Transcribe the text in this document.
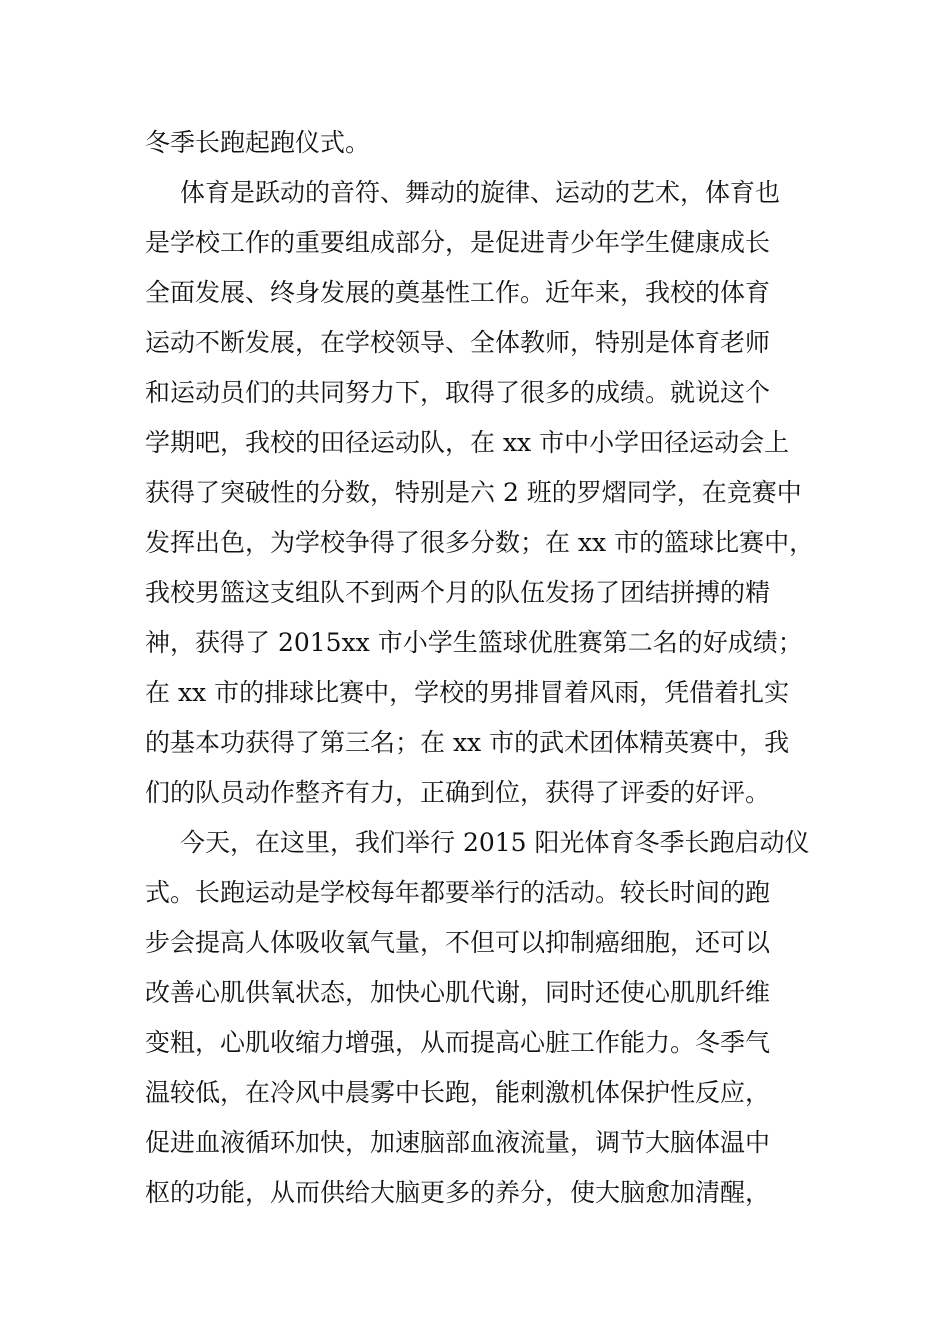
冬季长跑起跑仪式。
体育是跃动的音符、舞动的旋律、运动的艺术，体育也
是学校工作的重要组成部分，是促进青少年学生健康成长
全面发展、终身发展的奠基性工作。近年来，我校的体育
运动不断发展，在学校领导、全体教师，特别是体育老师
和运动员们的共同努力下，取得了很多的成绩。就说这个
学期吧，我校的田径运动队，在 xx 市中小学田径运动会上
获得了突破性的分数，特别是六 2 班的罗熠同学，在竞赛中
发挥出色，为学校争得了很多分数；在 xx 市的篮球比赛中，
我校男篮这支组队不到两个月的队伍发扬了团结拼搏的精
神，获得了 2015xx 市小学生篮球优胜赛第二名的好成绩；
在 xx 市的排球比赛中，学校的男排冒着风雨，凭借着扎实
的基本功获得了第三名；在 xx 市的武术团体精英赛中，我
们的队员动作整齐有力，正确到位，获得了评委的好评。
今天，在这里，我们举行 2015 阳光体育冬季长跑启动仪
式。长跑运动是学校每年都要举行的活动。较长时间的跑
步会提高人体吸收氧气量，不但可以抑制癌细胞，还可以
改善心肌供氧状态，加快心肌代谢，同时还使心肌肌纤维
变粗，心肌收缩力增强，从而提高心脏工作能力。冬季气
温较低，在冷风中晨雾中长跑，能刺激机体保护性反应，
促进血液循环加快，加速脑部血液流量，调节大脑体温中
枢的功能，从而供给大脑更多的养分，使大脑愈加清醒，
